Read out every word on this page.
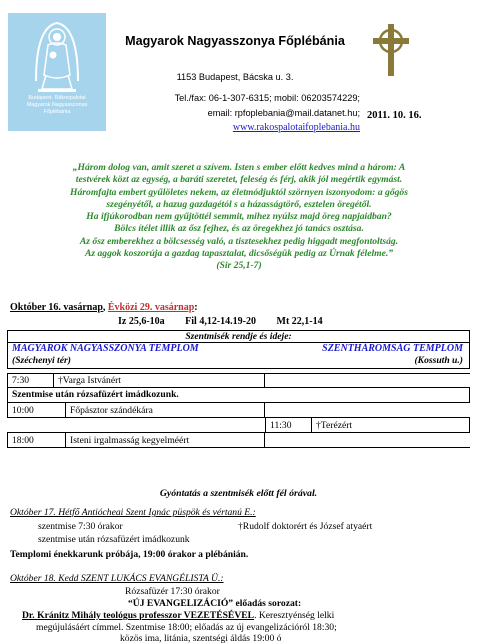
Budapest- Rákospalotai
Magyarok Nagyasszonya
Főplébánia
Magyarok Nagyasszonya Főplébánia
1153 Budapest, Bácska u. 3.
Tel./fax: 06-1-307-6315; mobil: 06203574229;
email: rpfoplebania@mail.datanet.hu;
www.rakospalotaifoplebania.hu
2011. 10. 16.
„Három dolog van, amit szeret a szívem. Isten s ember előtt kedves mind a három: A
testvérek közt az egység, a baráti szeretet, feleség és férj, akik jól megértik egymást.
Háromfajta embert gyűlöletes nekem, az életmódjuktól szörnyen iszonyodom: a gőgös
szegényétől, a hazug gazdagétól s a házasságtörő, esztelen öregétől.
Ha ifjúkorodban nem gyűjtöttél semmit, mihez nyúlsz majd öreg napjaidban?
Bölcs ítélet illik az ősz fejhez, és az öregekhez jó tanács osztása.
Az ősz emberekhez a bölcsesség való, a tisztesekhez pedig higgadt megfontoltság.
Az aggok koszorúja a gazdag tapasztalat, dicsőségük pedig az Úrnak félelme.”
(Sir 25,1-7)
Október 16. vasárnap, Évközi 29. vasárnap:
Iz 25,6-10a Fil 4,12-14.19-20 Mt 22,1-14
Szentmisék rendje és ideje:
MAGYAROK NAGYASSZONYA TEMPLOM
(Széchenyi tér)
SZENTHÁROMSÁG TEMPLOM
(Kossuth u.)
7:30	†Varga Istvánért
Szentmise után rózsafüzért imádkozunk.
10:00	Főpásztor szándékára
11:30	†Terézért
18:00	Isteni irgalmasság kegyelméért
Gyóntatás a szentmisék előtt fél órával.
Október 17. Hétfő Antiócheai Szent Ignác püspök és vértanú E.:
szentmise 7:30 órakor	†Rudolf doktorért és József atyaért
szentmise után rózsafüzért imádkozunk
Templomi énekkarunk próbája, 19:00 órakor a plébánián.
Október 18. Kedd SZENT LUKÁCS EVANGÉLISTA Ü.:
Rózsafüzér 17:30 órakor
“ÚJ EVANGELIZÁCIÓ” előadás sorozat:
Dr. Kránitz Mihály teológus professzor VEZETÉSÉVEL. Keresztyénség lelki
megújulásáért címmel. Szentmise 18:00; előadás az új evangelizációról 18:30;
közös ima, litánia, szentségi áldás 19:00 ó
